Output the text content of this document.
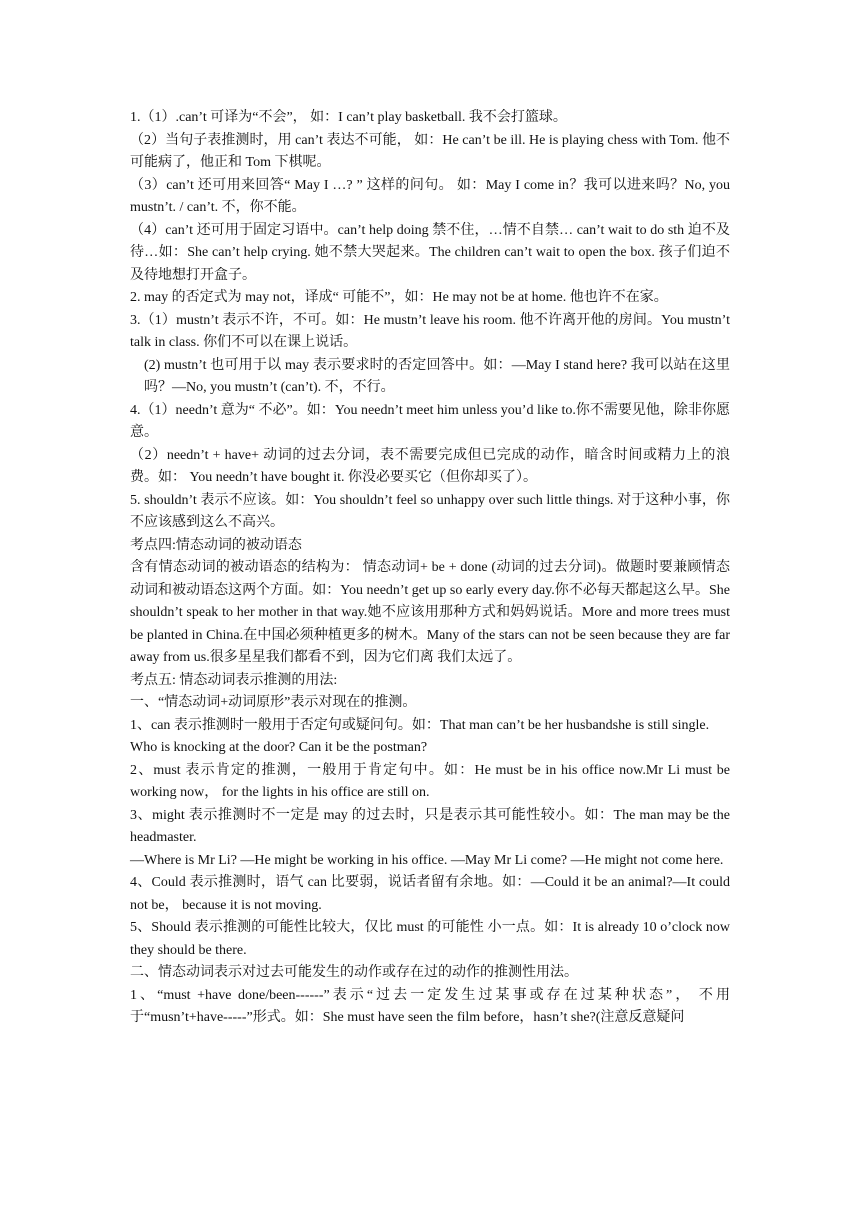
1.（1）.can’t 可译为“不会”， 如：I can’t play basketball. 我不会打篮球。

（2）当句子表推测时，用 can’t 表达不可能， 如：He can’t be ill. He is playing chess with Tom. 他不可能病了，他正和 Tom 下棋呢。

（3）can’t 还可用来回答“ May I …? ” 这样的问句。 如：May I come in？我可以进来吗？No, you mustn’t. / can’t. 不，你不能。

（4）can’t 还可用于固定习语中。can’t help doing 禁不住，…情不自禁… can’t wait to do sth 迫不及待…如：She can’t help crying. 她不禁大哭起来。The children can’t wait to open the box. 孩子们迫不及待地想打开盒子。

2. may 的否定式为 may not，译成“ 可能不”，如：He may not be at home. 他也许不在家。

3.（1）mustn’t 表示不许，不可。如：He mustn’t leave his room. 他不许离开他的房间。You mustn’t talk in class. 你们不可以在课上说话。

(2) mustn’t 也可用于以 may 表示要求时的否定回答中。如：—May I stand here? 我可以站在这里吗？—No, you mustn’t (can’t). 不，不行。

4.（1）needn’t 意为“ 不必”。如：You needn’t meet him unless you’d like to.你不需要见他，除非你愿意。

（2）needn’t + have+ 动词的过去分词，表不需要完成但已完成的动作，暗含时间或精力上的浪费。如： You needn’t have bought it. 你没必要买它（但你却买了）。

5. shouldn’t 表示不应该。如：You shouldn’t feel so unhappy over such little things. 对于这种小事，你不应该感到这么不高兴。

考点四:情态动词的被动语态

含有情态动词的被动语态的结构为： 情态动词+ be + done (动词的过去分词)。做题时要兼顾情态动词和被动语态这两个方面。如：You needn’t get up so early every day.你不必每天都起这么早。She shouldn’t speak to her mother in that way.她不应该用那种方式和妈妈说话。More and more trees must be planted in China.在中国必须种植更多的树木。Many of the stars can not be seen because they are far away from us.很多星星我们都看不到，因为它们离 我们太远了。

考点五: 情态动词表示推测的用法:

一、“情态动词+动词原形”表示对现在的推测。

1、can 表示推测时一般用于否定句或疑问句。如：That man can’t be her husbandshe is still single.

Who is knocking at the door? Can it be the postman?

2、must 表示肯定的推测，一般用于肯定句中。如：He must be in his office now.Mr Li must be working now， for the lights in his office are still on.

3、might 表示推测时不一定是 may 的过去时，只是表示其可能性较小。如：The man may be the headmaster.

—Where is Mr Li? —He might be working in his office. —May Mr Li come? —He might not come here.

4、Could 表示推测时，语气 can 比要弱，说话者留有余地。如：—Could it be an animal?—It could not be， because it is not moving.

5、Should 表示推测的可能性比较大，仅比 must 的可能性 小一点。如：It is already 10 o’clock now they should be there.

二、情态动词表示对过去可能发生的动作或存在过的动作的推测性用法。

1、“must +have done/been------”表示“过去一定发生过某事或存在过某种状态”， 不用于“musn’t+have-----”形式。如：She must have seen the film before，hasn’t she?(注意反意疑问
